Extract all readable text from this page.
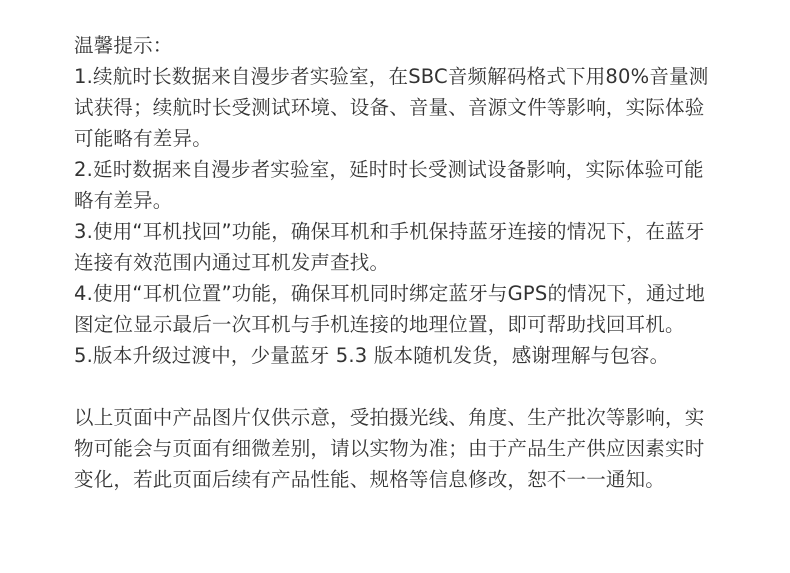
温馨提示：

1.续航时长数据来自漫步者实验室，在SBC音频解码格式下用80%音量测

试获得；续航时长受测试环境、设备、音量、音源文件等影响，实际体验

可能略有差异。

2.延时数据来自漫步者实验室，延时时长受测试设备影响，实际体验可能

略有差异。

3.使用“耳机找回”功能，确保耳机和手机保持蓝牙连接的情况下，在蓝牙

连接有效范围内通过耳机发声查找。

4.使用“耳机位置”功能，确保耳机同时绑定蓝牙与GPS的情况下，通过地

图定位显示最后一次耳机与手机连接的地理位置，即可帮助找回耳机。

5.版本升级过渡中，少量蓝牙 5.3 版本随机发货，感谢理解与包容。

以上页面中产品图片仅供示意，受拍摄光线、角度、生产批次等影响，实

物可能会与页面有细微差别，请以实物为准；由于产品生产供应因素实时

变化，若此页面后续有产品性能、规格等信息修改，恕不一一通知。
